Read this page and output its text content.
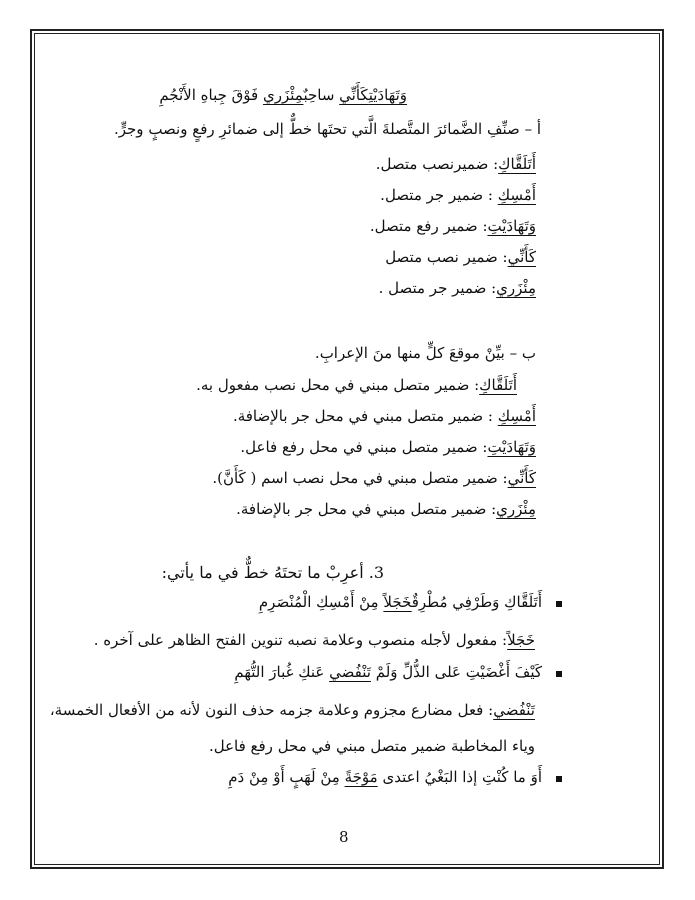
وَتَهَادَيْتِكَأَنِّي ساحِبٌمِئْزَري فَوْقَ جِباهِ الأَنْجُمِ
أ – صنِّفِ الضَّمائرَ المتَّصلةَ الَّتي تحتَها خطٌّ إلى ضمائرِ رفعٍ ونصبٍ وجرٍّ.
أَتَلَقَّاكِ: ضميرنصب متصل.
أَمْسِكِ : ضمير جر متصل.
وَتَهَادَيْتِ: ضمير رفع متصل.
كَأَنِّي: ضمير نصب متصل
مِئْزَري: ضمير جر متصل .
ب – بيِّنْ موقعَ كلٍّ منها منَ الإعرابِ.
أَتَلَقَّاكِ: ضمير متصل مبني في محل نصب مفعول به.
أَمْسِكِ : ضمير متصل مبني في محل جر بالإضافة.
وَتَهَادَيْتِ: ضمير متصل مبني في محل رفع فاعل.
كَأَنِّي: ضمير متصل مبني في محل نصب اسم ( كَأَنَّ).
مِئْزَري: ضمير متصل مبني في محل جر بالإضافة.
3. أعرِبْ ما تحتَهُ خطٌّ في ما يأتي:
أَتَلَقَّاكِ وَطَرْفِي مُطْرِقٌخَجَلاً مِنْ أَمْسِكِ الْمُنْصَرِمِ
خَجَلاً: مفعول لأجله منصوب وعلامة نصبه تنوين الفتح الظاهر على آخره .
كَيْفَ أَغْضَيْتِ عَلى الذُّلِّ وَلَمْ تَنْفُضي عَنكِ غُبارَ التُّهَمِ
تَنْفُضي: فعل مضارع مجزوم وعلامة جزمه حذف النون لأنه من الأفعال الخمسة،
وياء المخاطبة ضمير متصل مبني في محل رفع فاعل.
أَوَ ما كُنْتِ إذا البَغْيُ اعتدى مَوْجَةً مِنْ لَهَبٍ أَوْ مِنْ دَمِ
8
